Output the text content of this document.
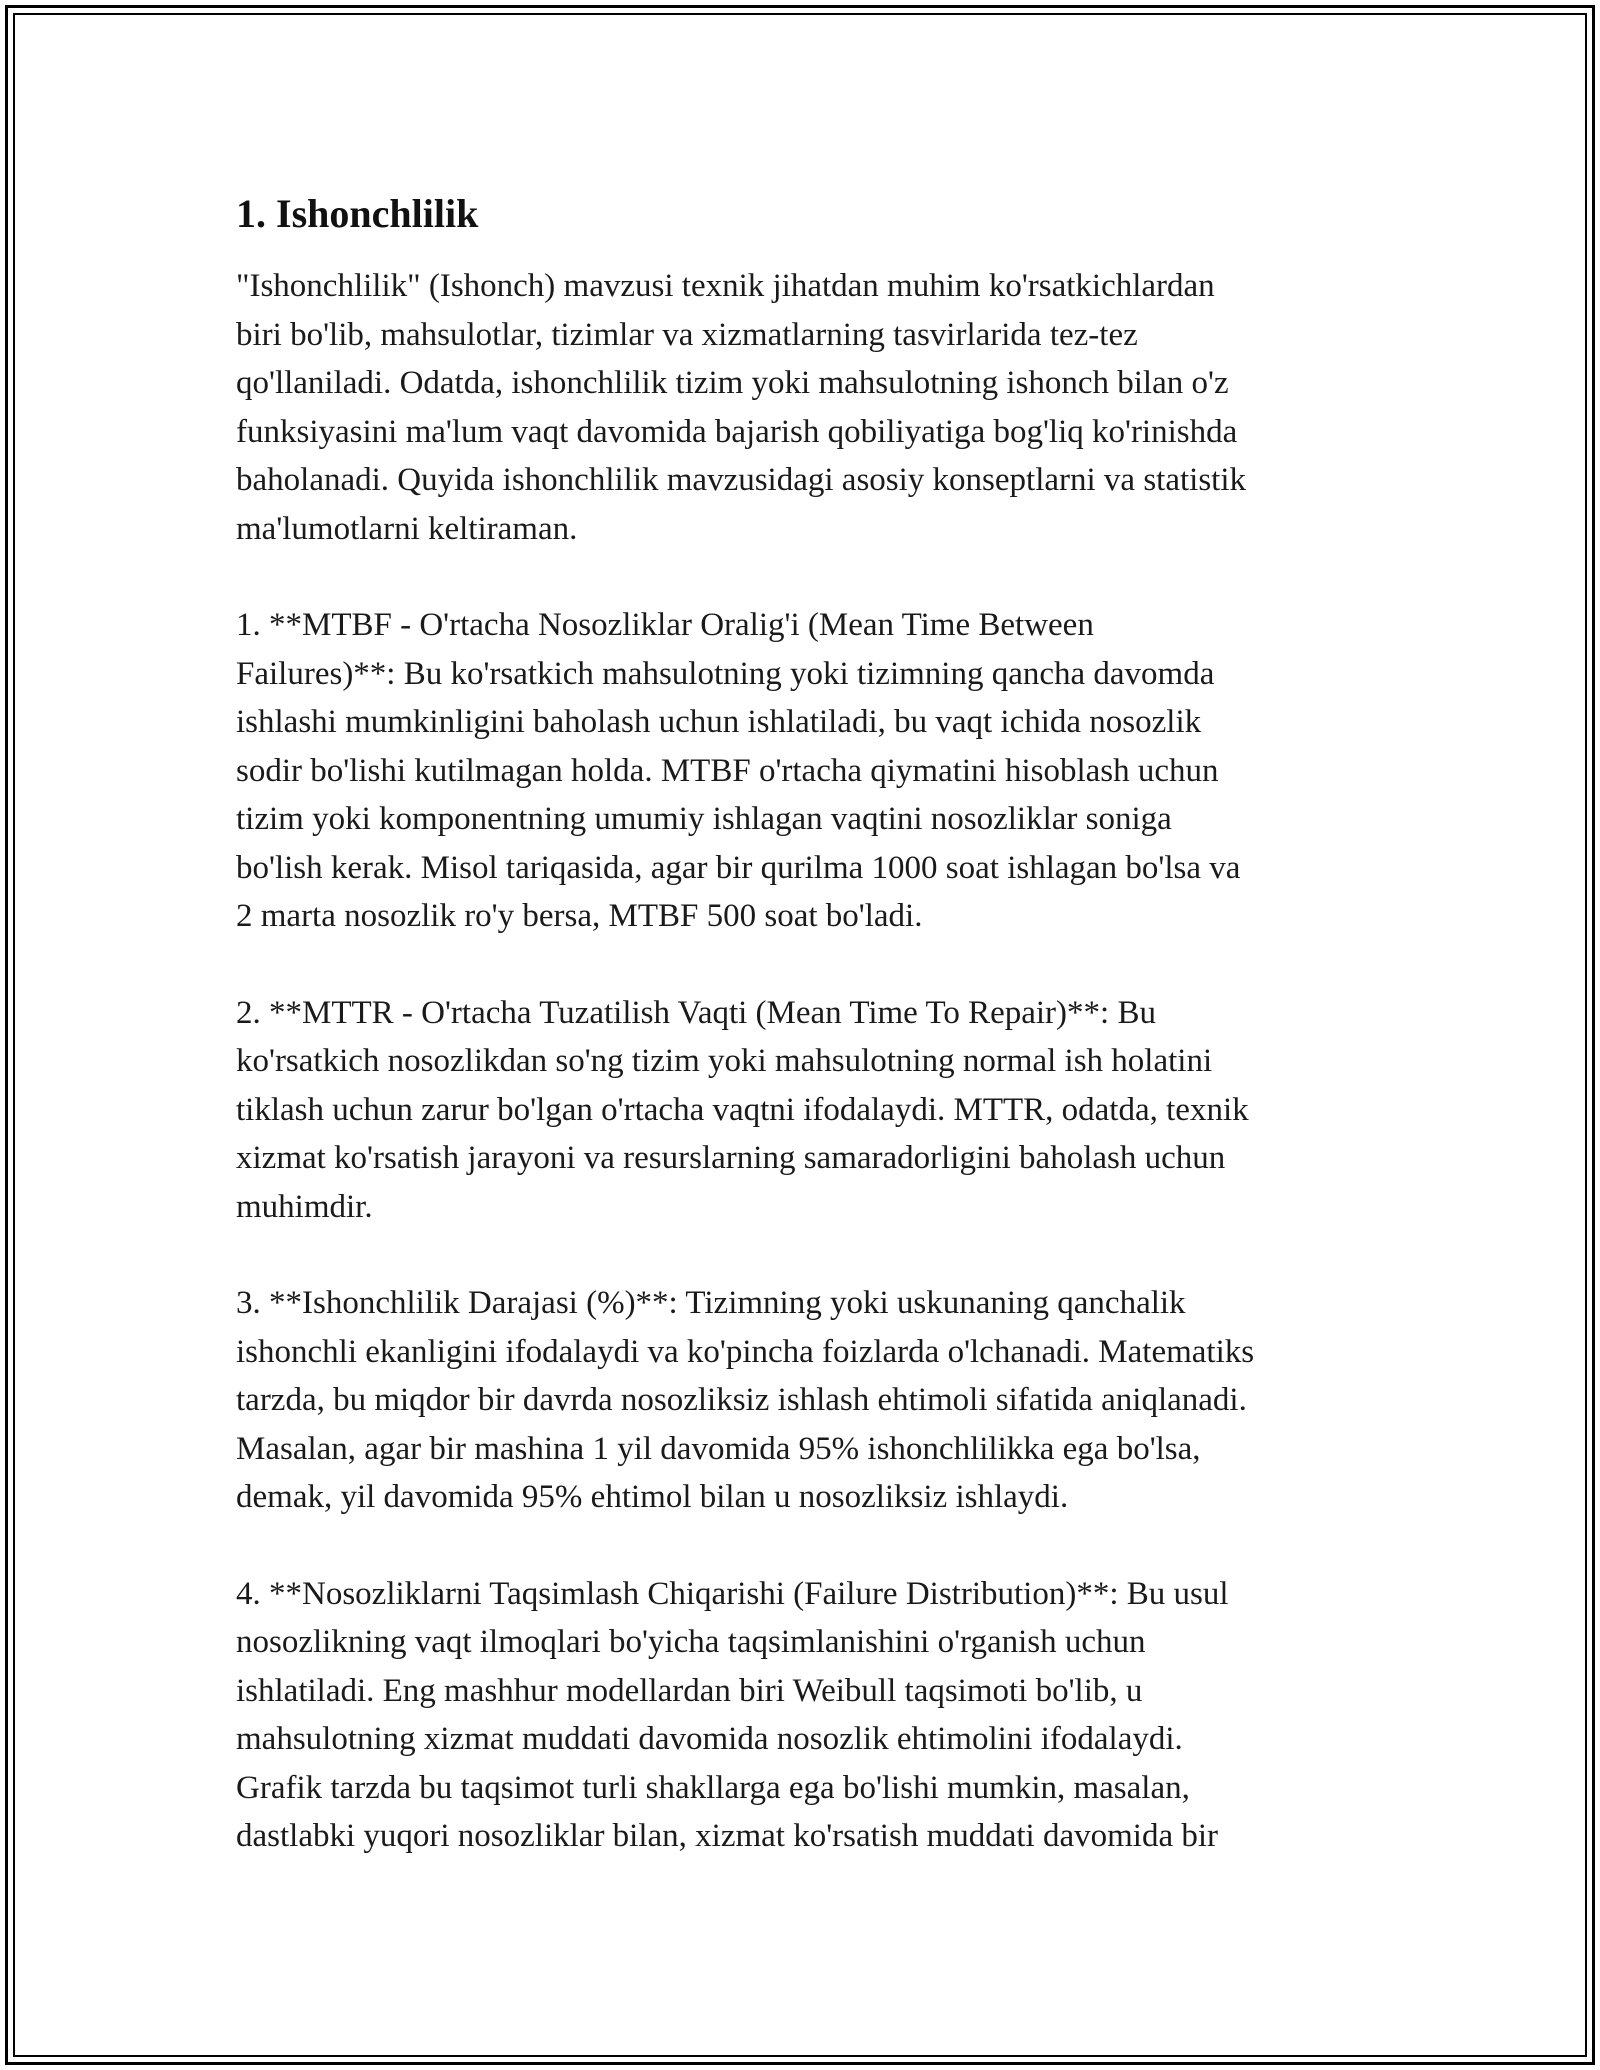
1. Ishonchlilik

"Ishonchlilik" (Ishonch) mavzusi texnik jihatdan muhim ko'rsatkichlardan
biri bo'lib, mahsulotlar, tizimlar va xizmatlarning tasvirlarida tez-tez
qo'llaniladi. Odatda, ishonchlilik tizim yoki mahsulotning ishonch bilan o'z
funksiyasini ma'lum vaqt davomida bajarish qobiliyatiga bog'liq ko'rinishda
baholanadi. Quyida ishonchlilik mavzusidagi asosiy konseptlarni va statistik
ma'lumotlarni keltiraman.

1. **MTBF - O'rtacha Nosozliklar Oralig'i (Mean Time Between
Failures)**: Bu ko'rsatkich mahsulotning yoki tizimning qancha davomda
ishlashi mumkinligini baholash uchun ishlatiladi, bu vaqt ichida nosozlik
sodir bo'lishi kutilmagan holda. MTBF o'rtacha qiymatini hisoblash uchun
tizim yoki komponentning umumiy ishlagan vaqtini nosozliklar soniga
bo'lish kerak. Misol tariqasida, agar bir qurilma 1000 soat ishlagan bo'lsa va
2 marta nosozlik ro'y bersa, MTBF 500 soat bo'ladi.

2. **MTTR - O'rtacha Tuzatilish Vaqti (Mean Time To Repair)**: Bu
ko'rsatkich nosozlikdan so'ng tizim yoki mahsulotning normal ish holatini
tiklash uchun zarur bo'lgan o'rtacha vaqtni ifodalaydi. MTTR, odatda, texnik
xizmat ko'rsatish jarayoni va resurslarning samaradorligini baholash uchun
muhimdir.

3. **Ishonchlilik Darajasi (%)**: Tizimning yoki uskunaning qanchalik
ishonchli ekanligini ifodalaydi va ko'pincha foizlarda o'lchanadi. Matematiks
tarzda, bu miqdor bir davrda nosozliksiz ishlash ehtimoli sifatida aniqlanadi.
Masalan, agar bir mashina 1 yil davomida 95% ishonchlilikka ega bo'lsa,
demak, yil davomida 95% ehtimol bilan u nosozliksiz ishlaydi.

4. **Nosozliklarni Taqsimlash Chiqarishi (Failure Distribution)**: Bu usul
nosozlikning vaqt ilmoqlari bo'yicha taqsimlanishini o'rganish uchun
ishlatiladi. Eng mashhur modellardan biri Weibull taqsimoti bo'lib, u
mahsulotning xizmat muddati davomida nosozlik ehtimolini ifodalaydi.
Grafik tarzda bu taqsimot turli shakllarga ega bo'lishi mumkin, masalan,
dastlabki yuqori nosozliklar bilan, xizmat ko'rsatish muddati davomida bir
